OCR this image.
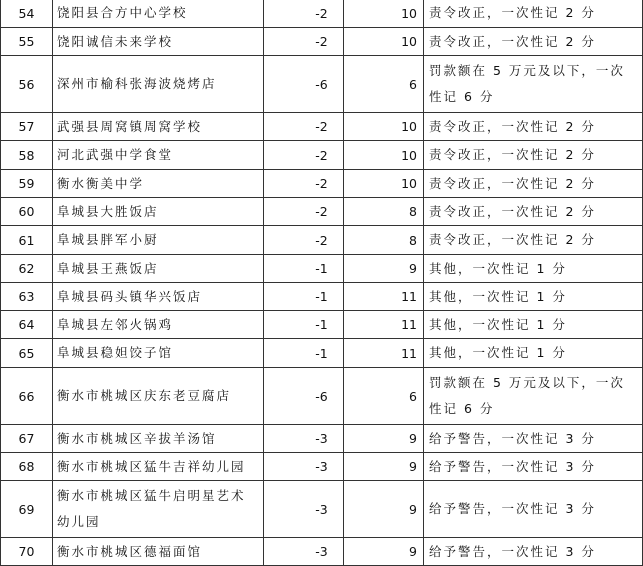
54	饶阳县合方中心学校	-2	10	责令改正，一次性记 2 分
55	饶阳诚信未来学校	-2	10	责令改正，一次性记 2 分
56	深州市榆科张海波烧烤店	-6	6	罚款额在 5 万元及以下，一次性记 6 分
57	武强县周窝镇周窝学校	-2	10	责令改正，一次性记 2 分
58	河北武强中学食堂	-2	10	责令改正，一次性记 2 分
59	衡水衡美中学	-2	10	责令改正，一次性记 2 分
60	阜城县大胜饭店	-2	8	责令改正，一次性记 2 分
61	阜城县胖军小厨	-2	8	责令改正，一次性记 2 分
62	阜城县王燕饭店	-1	9	其他，一次性记 1 分
63	阜城县码头镇华兴饭店	-1	11	其他，一次性记 1 分
64	阜城县左邻火锅鸡	-1	11	其他，一次性记 1 分
65	阜城县稳妲饺子馆	-1	11	其他，一次性记 1 分
66	衡水市桃城区庆东老豆腐店	-6	6	罚款额在 5 万元及以下，一次性记 6 分
67	衡水市桃城区辛拔羊汤馆	-3	9	给予警告，一次性记 3 分
68	衡水市桃城区猛牛吉祥幼儿园	-3	9	给予警告，一次性记 3 分
69	衡水市桃城区猛牛启明星艺术幼儿园	-3	9	给予警告，一次性记 3 分
70	衡水市桃城区德福面馆	-3	9	给予警告，一次性记 3 分
